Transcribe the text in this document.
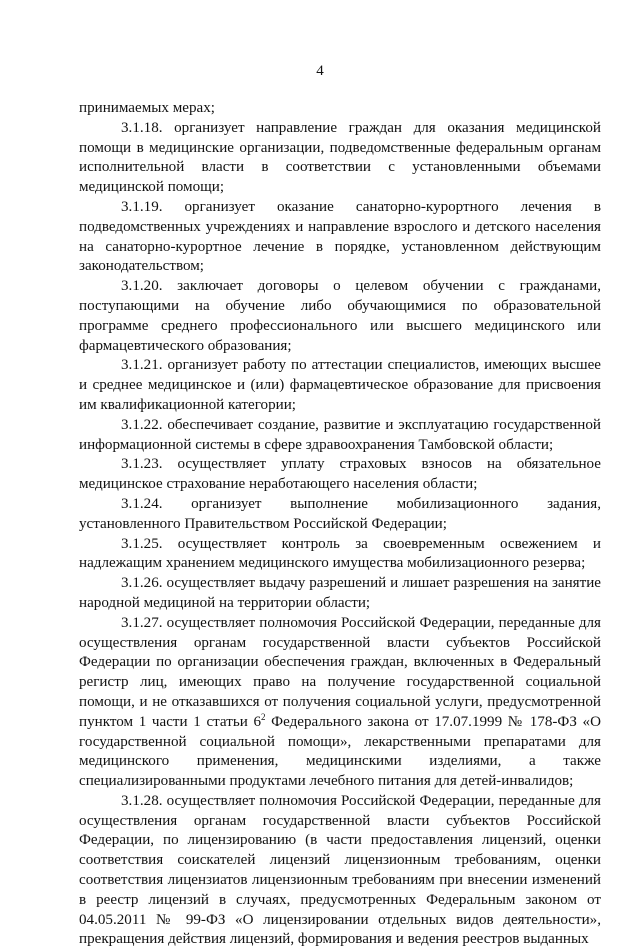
4

принимаемых мерах;

3.1.18. организует направление граждан для оказания медицинской помощи в медицинские организации, подведомственные федеральным органам исполнительной власти в соответствии с установленными объемами медицинской помощи;

3.1.19. организует оказание санаторно-курортного лечения в подведомственных учреждениях и направление взрослого и детского населения на санаторно-курортное лечение в порядке, установленном действующим законодательством;

3.1.20. заключает договоры о целевом обучении с гражданами, поступающими на обучение либо обучающимися по образовательной программе среднего профессионального или высшего медицинского или фармацевтического образования;

3.1.21. организует работу по аттестации специалистов, имеющих высшее и среднее медицинское и (или) фармацевтическое образование для присвоения им квалификационной категории;

3.1.22. обеспечивает создание, развитие и эксплуатацию государственной информационной системы в сфере здравоохранения Тамбовской области;

3.1.23. осуществляет уплату страховых взносов на обязательное медицинское страхование неработающего населения области;

3.1.24. организует выполнение мобилизационного задания, установленного Правительством Российской Федерации;

3.1.25. осуществляет контроль за своевременным освежением и надлежащим хранением медицинского имущества мобилизационного резерва;

3.1.26. осуществляет выдачу разрешений и лишает разрешения на занятие народной медициной на территории области;

3.1.27. осуществляет полномочия Российской Федерации, переданные для осуществления органам государственной власти субъектов Российской Федерации по организации обеспечения граждан, включенных в Федеральный регистр лиц, имеющих право на получение государственной социальной помощи, и не отказавшихся от получения социальной услуги, предусмотренной пунктом 1 части 1 статьи $6^2$ Федерального закона от 17.07.1999 № 178-ФЗ «О государственной социальной помощи», лекарственными препаратами для медицинского применения, медицинскими изделиями, а также специализированными продуктами лечебного питания для детей-инвалидов;

3.1.28. осуществляет полномочия Российской Федерации, переданные для осуществления органам государственной власти субъектов Российской Федерации, по лицензированию (в части предоставления лицензий, оценки соответствия соискателей лицензий лицензионным требованиям, оценки соответствия лицензиатов лицензионным требованиям при внесении изменений в реестр лицензий в случаях, предусмотренных Федеральным законом от 04.05.2011 № 99-ФЗ «О лицензировании отдельных видов деятельности», прекращения действия лицензий, формирования и ведения реестров выданных
